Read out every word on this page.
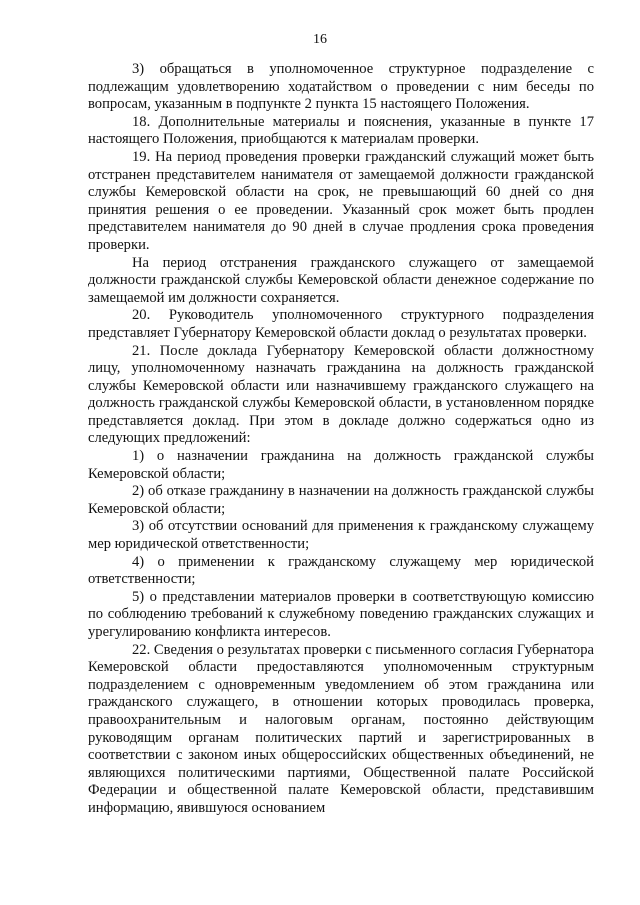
16

3) обращаться в уполномоченное структурное подразделение с подлежащим удовлетворению ходатайством о проведении с ним беседы по вопросам, указанным в подпункте 2 пункта 15 настоящего Положения.

18. Дополнительные материалы и пояснения, указанные в пункте 17 настоящего Положения, приобщаются к материалам проверки.

19. На период проведения проверки гражданский служащий может быть отстранен представителем нанимателя от замещаемой должности гражданской службы Кемеровской области на срок, не превышающий 60 дней со дня принятия решения о ее проведении. Указанный срок может быть продлен представителем нанимателя до 90 дней в случае продления срока проведения проверки.

На период отстранения гражданского служащего от замещаемой должности гражданской службы Кемеровской области денежное содержание по замещаемой им должности сохраняется.

20. Руководитель уполномоченного структурного подразделения представляет Губернатору Кемеровской области доклад о результатах проверки.

21. После доклада Губернатору Кемеровской области должностному лицу, уполномоченному назначать гражданина на должность гражданской службы Кемеровской области или назначившему гражданского служащего на должность гражданской службы Кемеровской области, в установленном порядке представляется доклад. При этом в докладе должно содержаться одно из следующих предложений:

1) о назначении гражданина на должность гражданской службы Кемеровской области;

2) об отказе гражданину в назначении на должность гражданской службы Кемеровской области;

3) об отсутствии оснований для применения к гражданскому служащему мер юридической ответственности;

4) о применении к гражданскому служащему мер юридической ответственности;

5) о представлении материалов проверки в соответствующую комиссию по соблюдению требований к служебному поведению гражданских служащих и урегулированию конфликта интересов.

22. Сведения о результатах проверки с письменного согласия Губернатора Кемеровской области предоставляются уполномоченным структурным подразделением с одновременным уведомлением об этом гражданина или гражданского служащего, в отношении которых проводилась проверка, правоохранительным и налоговым органам, постоянно действующим руководящим органам политических партий и зарегистрированных в соответствии с законом иных общероссийских общественных объединений, не являющихся политическими партиями, Общественной палате Российской Федерации и общественной палате Кемеровской области, представившим информацию, явившуюся основанием
